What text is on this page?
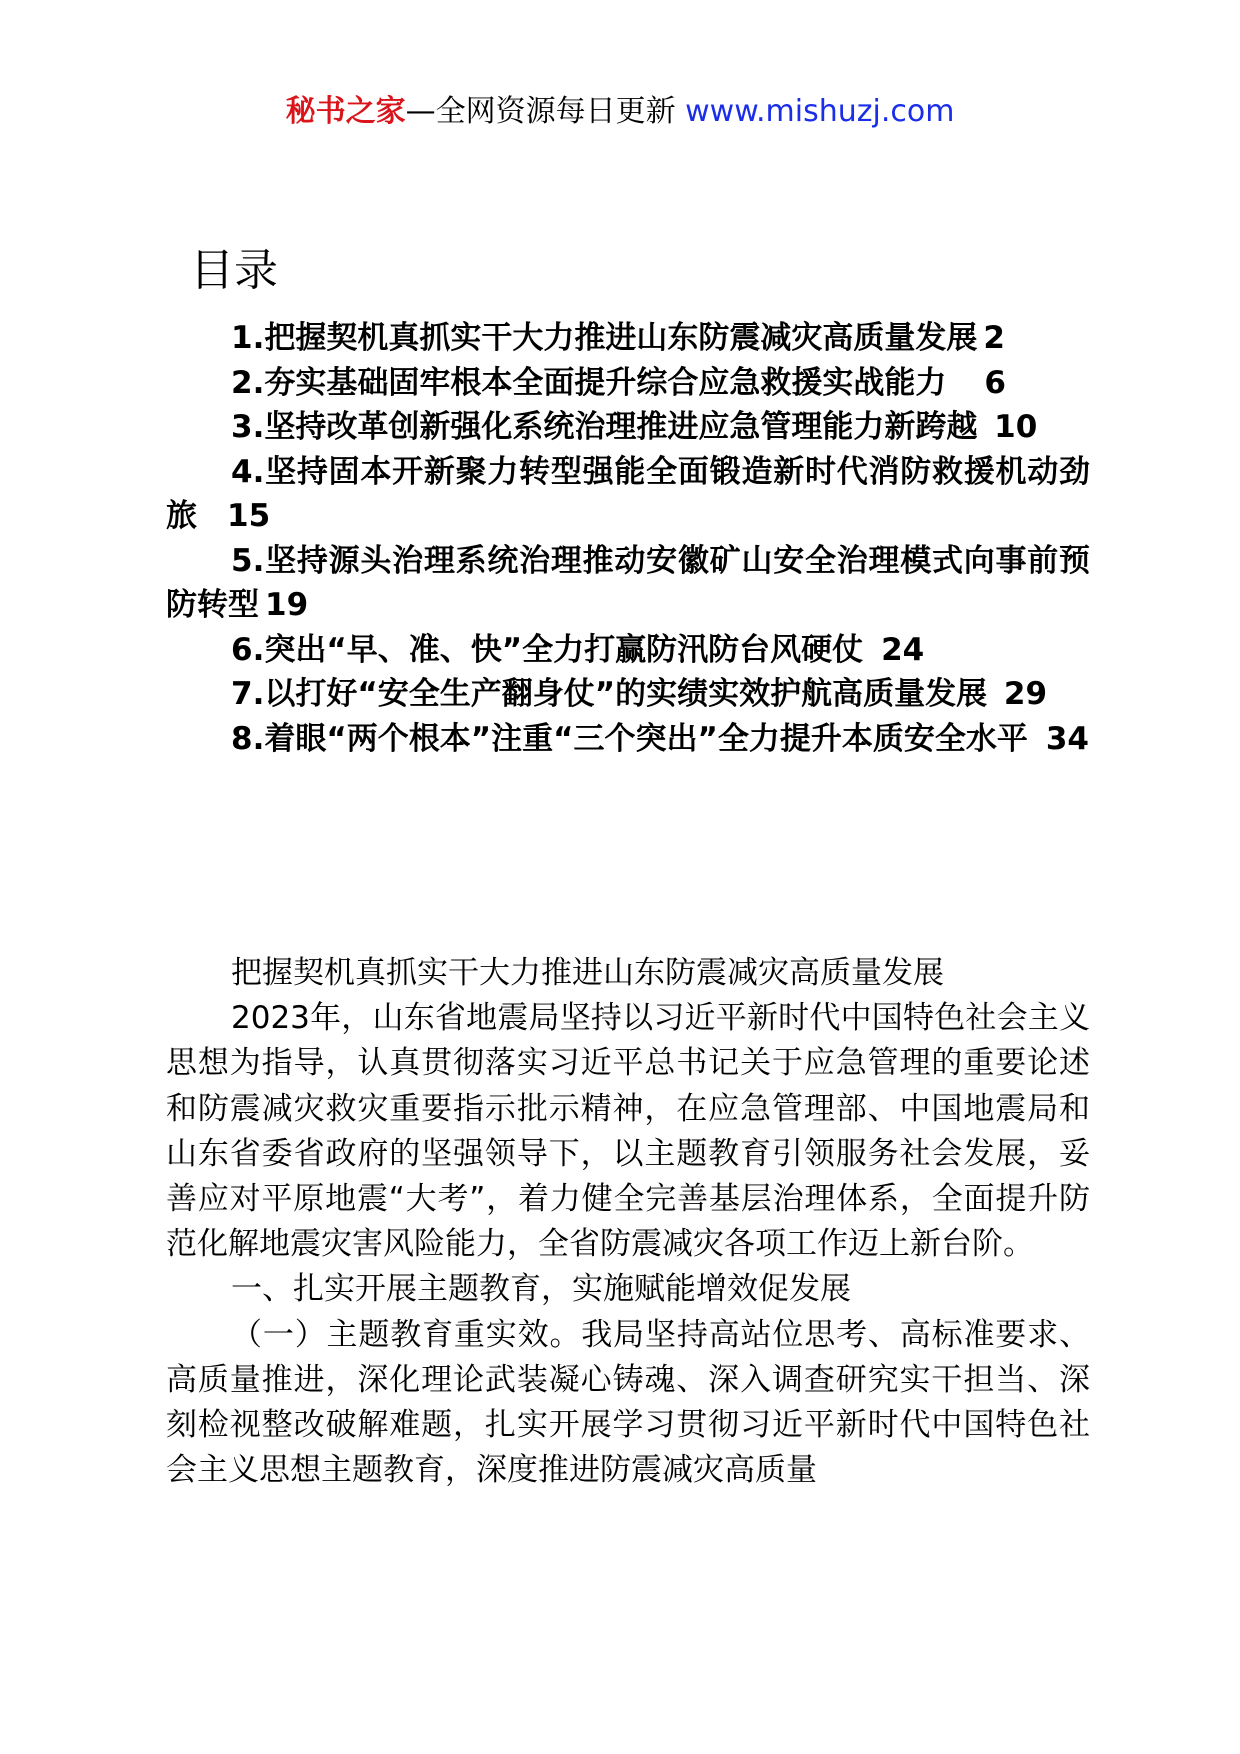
秘书之家—全网资源每日更新 www.mishuzj.com
目录
1.把握契机真抓实干大力推进山东防震减灾高质量发展 2
2.夯实基础固牢根本全面提升综合应急救援实战能力 6
3.坚持改革创新强化系统治理推进应急管理能力新跨越 10
4.坚持固本开新聚力转型强能全面锻造新时代消防救援机动劲旅 15
5.坚持源头治理系统治理推动安徽矿山安全治理模式向事前预防转型 19
6.突出“早、准、快”全力打赢防汛防台风硬仗 24
7.以打好“安全生产翻身仗”的实绩实效护航高质量发展 29
8.着眼“两个根本”注重“三个突出”全力提升本质安全水平 34

把握契机真抓实干大力推进山东防震减灾高质量发展

2023年，山东省地震局坚持以习近平新时代中国特色社会主义思想为指导，认真贯彻落实习近平总书记关于应急管理的重要论述和防震减灾救灾重要指示批示精神，在应急管理部、中国地震局和山东省委省政府的坚强领导下，以主题教育引领服务社会发展，妥善应对平原地震“大考”，着力健全完善基层治理体系，全面提升防范化解地震灾害风险能力，全省防震减灾各项工作迈上新台阶。

一、扎实开展主题教育，实施赋能增效促发展

（一）主题教育重实效。我局坚持高站位思考、高标准要求、高质量推进，深化理论武装凝心铸魂、深入调查研究实干担当、深刻检视整改破解难题，扎实开展学习贯彻习近平新时代中国特色社会主义思想主题教育，深度推进防震减灾高质量
